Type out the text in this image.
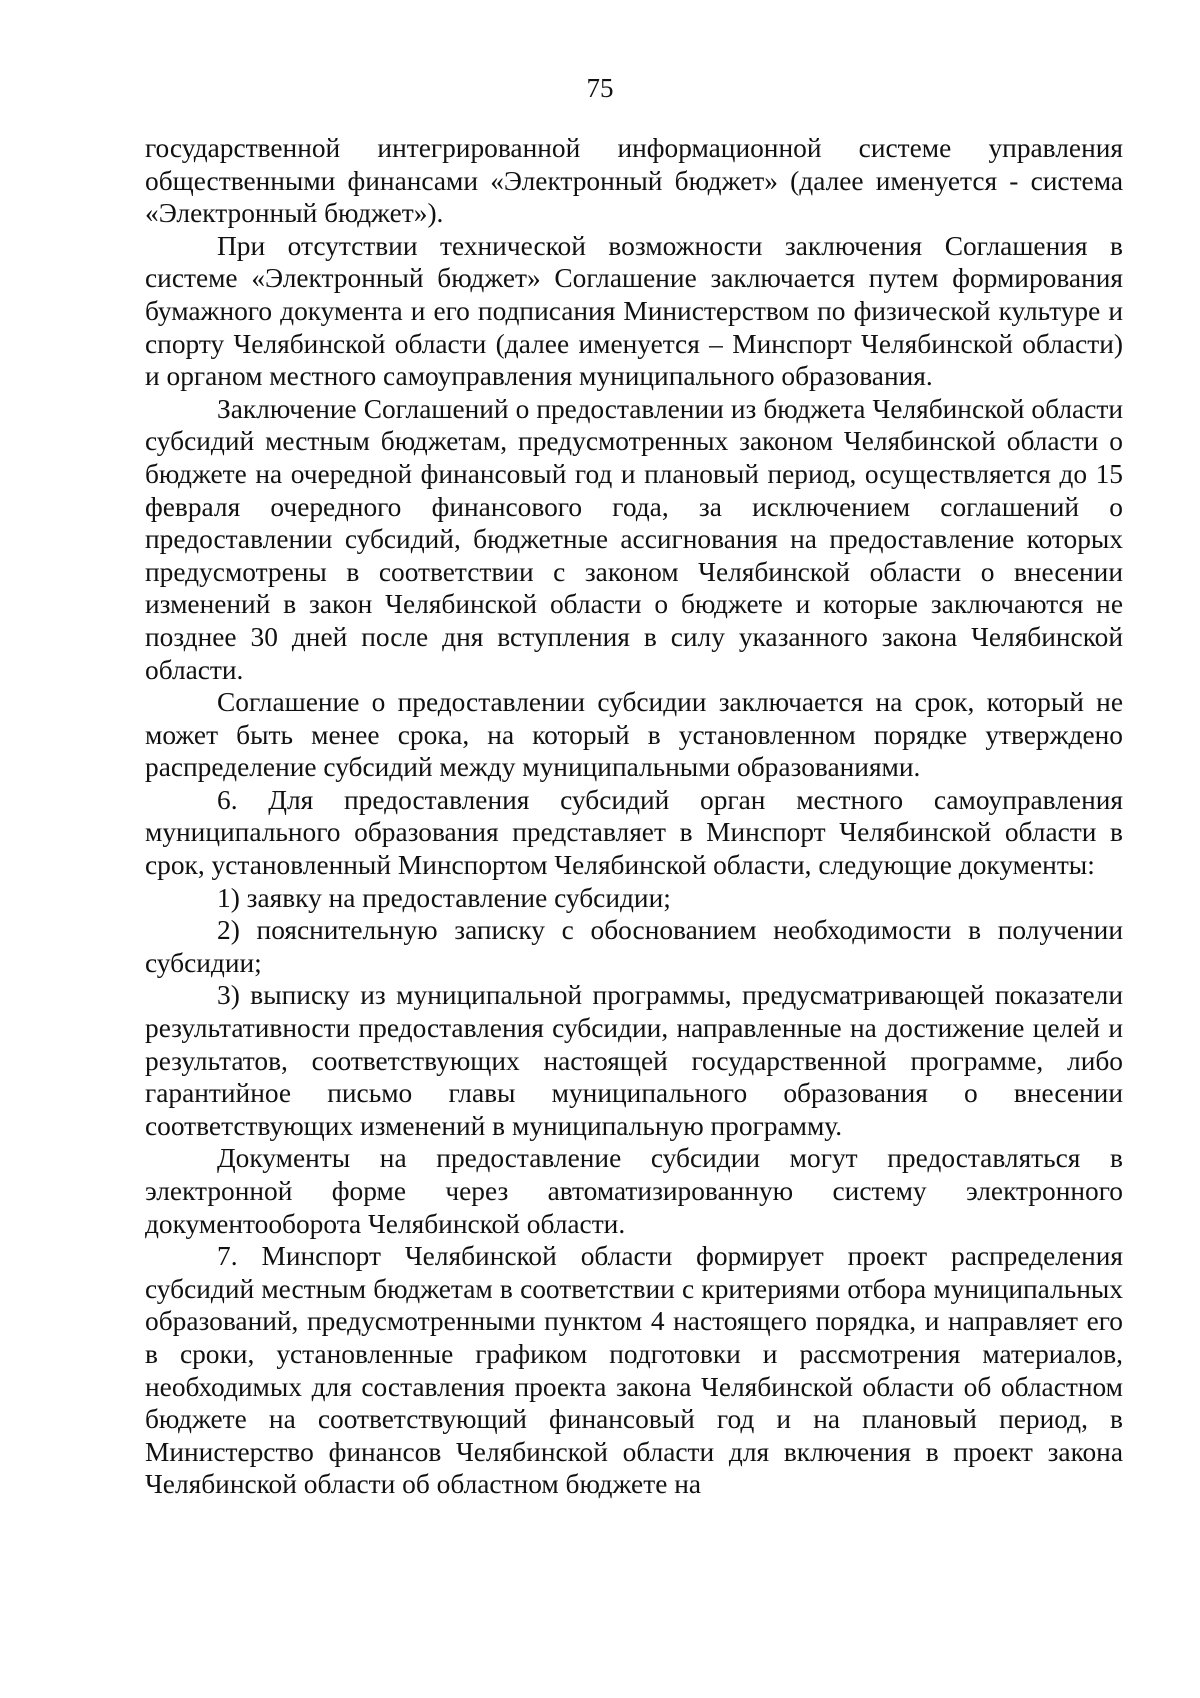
75

государственной интегрированной информационной системе управления общественными финансами «Электронный бюджет» (далее именуется - система «Электронный бюджет»).

При отсутствии технической возможности заключения Соглашения в системе «Электронный бюджет» Соглашение заключается путем формирования бумажного документа и его подписания Министерством по физической культуре и спорту Челябинской области (далее именуется – Минспорт Челябинской области) и органом местного самоуправления муниципального образования.

Заключение Соглашений о предоставлении из бюджета Челябинской области субсидий местным бюджетам, предусмотренных законом Челябинской области о бюджете на очередной финансовый год и плановый период, осуществляется до 15 февраля очередного финансового года, за исключением соглашений о предоставлении субсидий, бюджетные ассигнования на предоставление которых предусмотрены в соответствии с законом Челябинской области о внесении изменений в закон Челябинской области о бюджете и которые заключаются не позднее 30 дней после дня вступления в силу указанного закона Челябинской области.

Соглашение о предоставлении субсидии заключается на срок, который не может быть менее срока, на который в установленном порядке утверждено распределение субсидий между муниципальными образованиями.

6. Для предоставления субсидий орган местного самоуправления муниципального образования представляет в Минспорт Челябинской области в срок, установленный Минспортом Челябинской области, следующие документы:

1) заявку на предоставление субсидии;

2) пояснительную записку с обоснованием необходимости в получении субсидии;

3) выписку из муниципальной программы, предусматривающей показатели результативности предоставления субсидии, направленные на достижение целей и результатов, соответствующих настоящей государственной программе, либо гарантийное письмо главы муниципального образования о внесении соответствующих изменений в муниципальную программу.

Документы на предоставление субсидии могут предоставляться в электронной форме через автоматизированную систему электронного документооборота Челябинской области.

7. Минспорт Челябинской области формирует проект распределения субсидий местным бюджетам в соответствии с критериями отбора муниципальных образований, предусмотренными пунктом 4 настоящего порядка, и направляет его в сроки, установленные графиком подготовки и рассмотрения материалов, необходимых для составления проекта закона Челябинской области об областном бюджете на соответствующий финансовый год и на плановый период, в Министерство финансов Челябинской области для включения в проект закона Челябинской области об областном бюджете на
